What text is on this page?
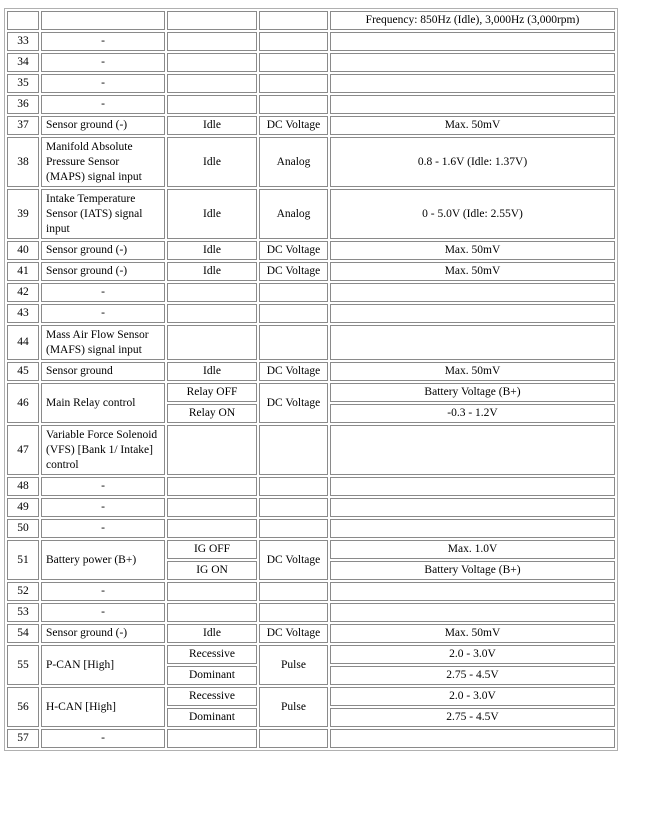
				Frequency: 850Hz (Idle), 3,000Hz (3,000rpm)
33	-			
34	-			
35	-			
36	-			
37	Sensor ground (-)	Idle	DC Voltage	Max. 50mV
38	Manifold Absolute Pressure Sensor (MAPS) signal input	Idle	Analog	0.8 - 1.6V (Idle: 1.37V)
39	Intake Temperature Sensor (IATS) signal input	Idle	Analog	0 - 5.0V (Idle: 2.55V)
40	Sensor ground (-)	Idle	DC Voltage	Max. 50mV
41	Sensor ground (-)	Idle	DC Voltage	Max. 50mV
42	-			
43	-			
44	Mass Air Flow Sensor (MAFS) signal input			
45	Sensor ground	Idle	DC Voltage	Max. 50mV
46	Main Relay control	Relay OFF	DC Voltage	Battery Voltage (B+)
		Relay ON		-0.3 - 1.2V
47	Variable Force Solenoid (VFS) [Bank 1/ Intake] control			
48	-			
49	-			
50	-			
51	Battery power (B+)	IG OFF	DC Voltage	Max. 1.0V
		IG ON		Battery Voltage (B+)
52	-			
53	-			
54	Sensor ground (-)	Idle	DC Voltage	Max. 50mV
55	P-CAN [High]	Recessive	Pulse	2.0 - 3.0V
		Dominant		2.75 - 4.5V
56	H-CAN [High]	Recessive	Pulse	2.0 - 3.0V
		Dominant		2.75 - 4.5V
57	-			
